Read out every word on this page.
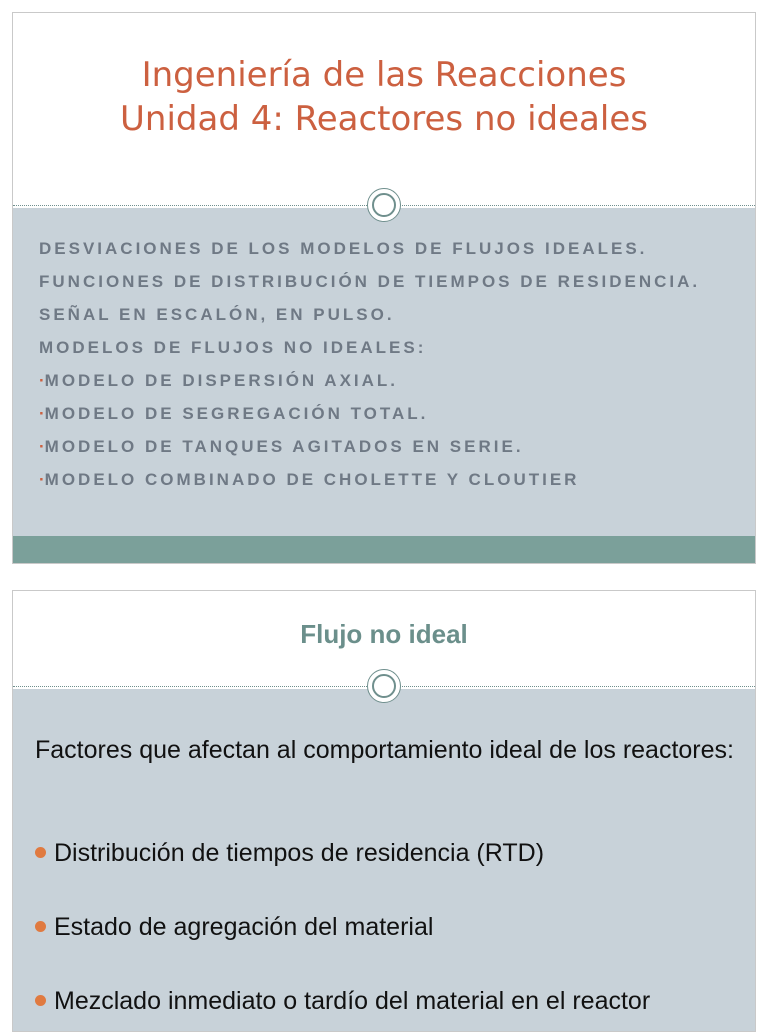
Ingeniería de las Reacciones
Unidad 4: Reactores no ideales

DESVIACIONES DE LOS MODELOS DE FLUJOS IDEALES.

FUNCIONES DE DISTRIBUCIÓN DE TIEMPOS DE RESIDENCIA.

SEÑAL EN ESCALÓN, EN PULSO.

MODELOS DE FLUJOS NO IDEALES:

·MODELO DE DISPERSIÓN AXIAL.

·MODELO DE SEGREGACIÓN TOTAL.

·MODELO DE TANQUES AGITADOS EN SERIE.

·MODELO COMBINADO DE CHOLETTE Y CLOUTIER

Flujo no ideal
Factores que afectan al comportamiento ideal de los reactores:
Distribución de tiempos de residencia (RTD)
Estado de agregación del material
Mezclado inmediato o tardío del material en el reactor
